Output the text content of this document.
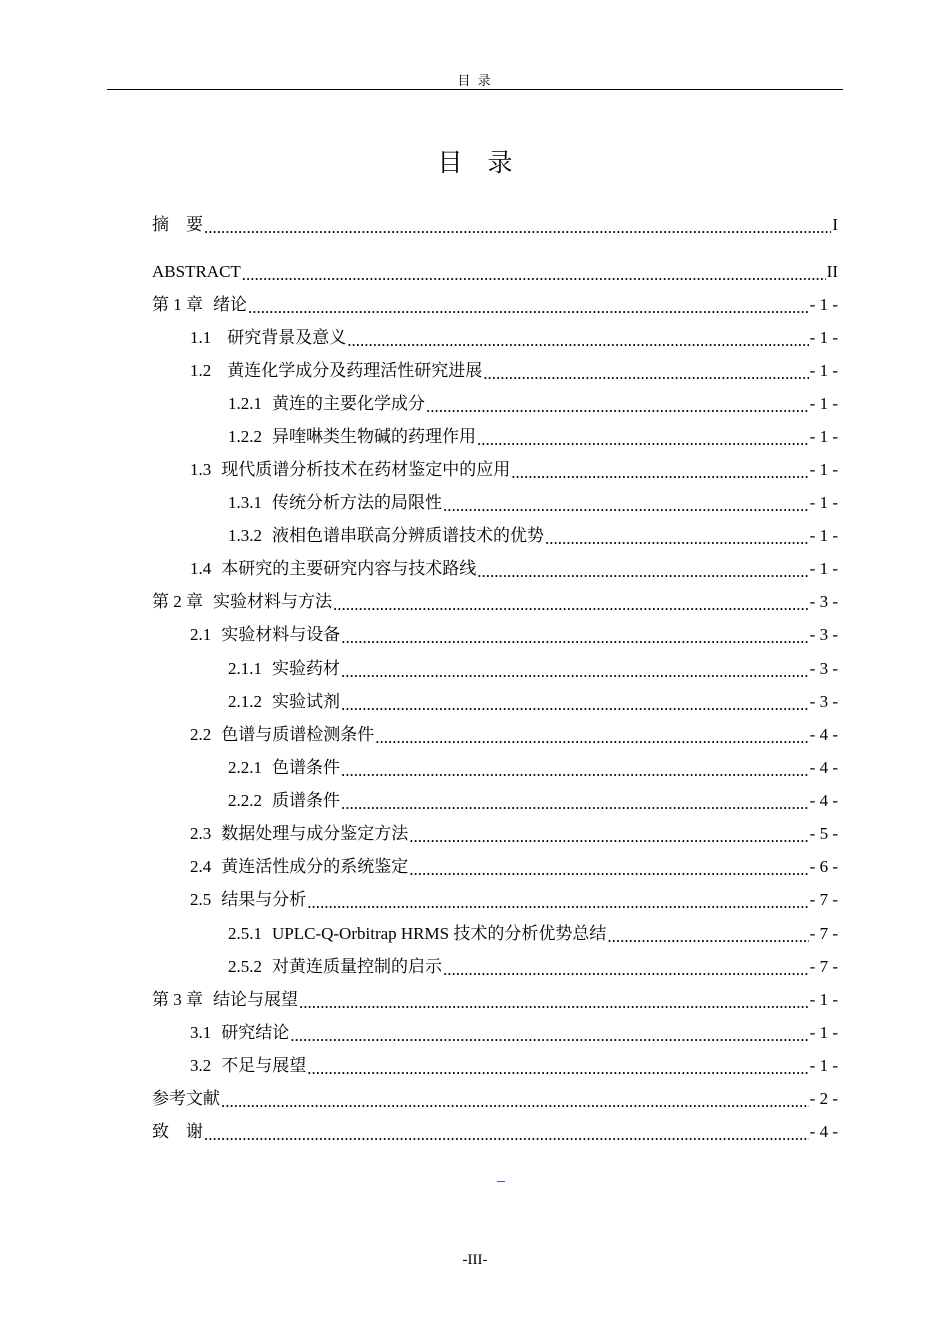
目 录
目　录
摘　要 .....	I
ABSTRACT .....	II
第 1 章 绪论 .....	- 1 -
1.1 研究背景及意义 .....	- 1 -
1.2 黄连化学成分及药理活性研究进展 .....	- 1 -
1.2.1 黄连的主要化学成分 .....	- 1 -
1.2.2 异喹啉类生物碱的药理作用 .....	- 1 -
1.3 现代质谱分析技术在药材鉴定中的应用 .....	- 1 -
1.3.1 传统分析方法的局限性 .....	- 1 -
1.3.2 液相色谱串联高分辨质谱技术的优势 .....	- 1 -
1.4 本研究的主要研究内容与技术路线 .....	- 1 -
第 2 章 实验材料与方法 .....	- 3 -
2.1 实验材料与设备 .....	- 3 -
2.1.1 实验药材 .....	- 3 -
2.1.2 实验试剂 .....	- 3 -
2.2 色谱与质谱检测条件 .....	- 4 -
2.2.1 色谱条件 .....	- 4 -
2.2.2 质谱条件 .....	- 4 -
2.3 数据处理与成分鉴定方法 .....	- 5 -
2.4 黄连活性成分的系统鉴定 .....	- 6 -
2.5 结果与分析 .....	- 7 -
2.5.1 UPLC-Q-Orbitrap HRMS 技术的分析优势总结 .....	- 7 -
2.5.2 对黄连质量控制的启示 .....	- 7 -
第 3 章 结论与展望 .....	- 1 -
3.1 研究结论 .....	- 1 -
3.2 不足与展望 .....	- 1 -
参考文献 .....	- 2 -
致　谢 .....	- 4 -
-III-
